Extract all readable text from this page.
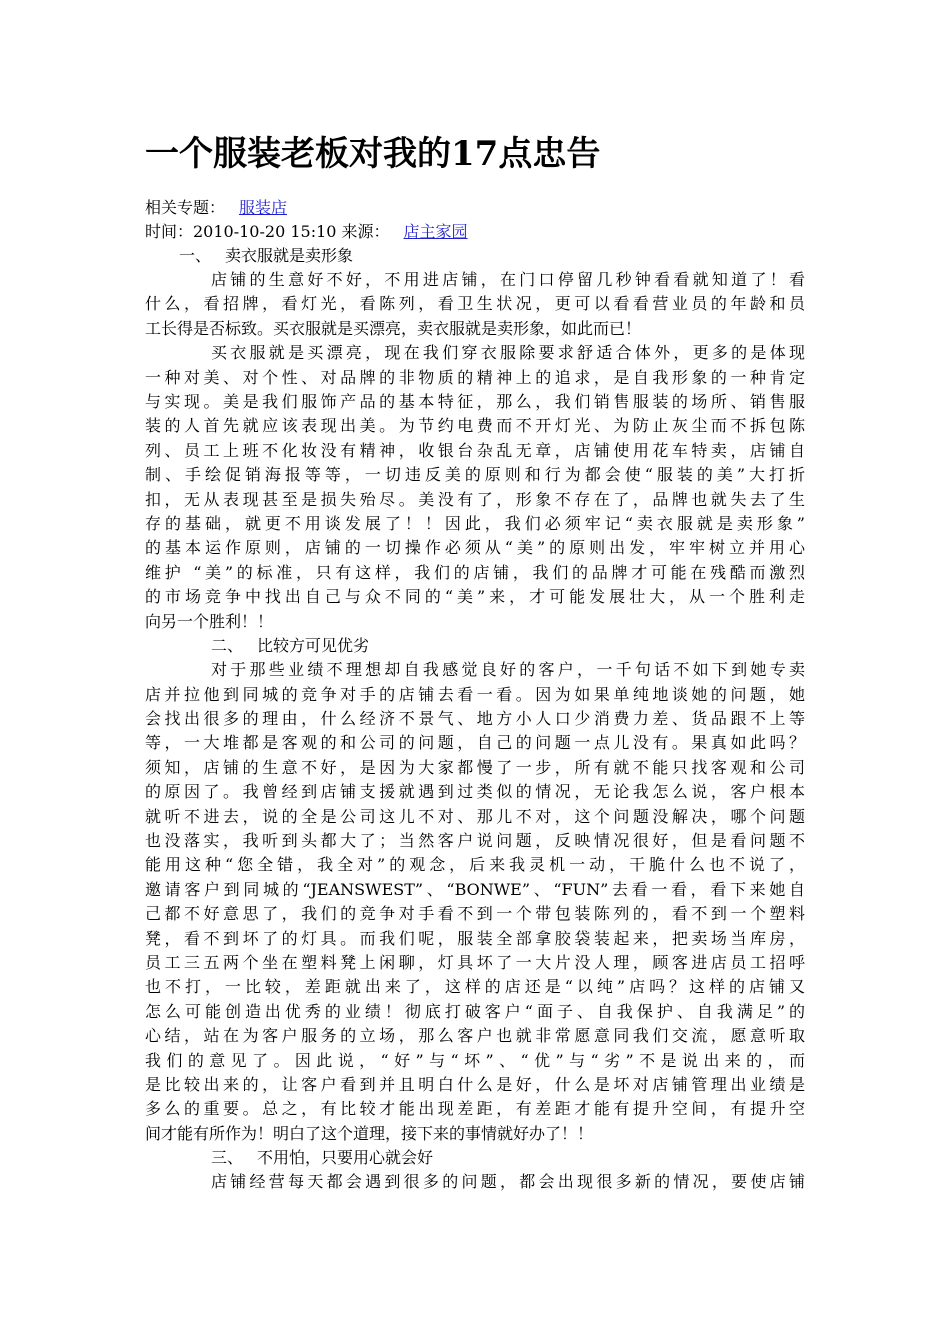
一个服装老板对我的17点忠告
相关专题： 服装店
时间：2010-10-20 15:10 来源： 店主家园
一、 卖衣服就是卖形象
店铺的生意好不好，不用进店铺，在门口停留几秒钟看看就知道了！看
什么，看招牌，看灯光，看陈列，看卫生状况，更可以看看营业员的年龄和员
工长得是否标致。买衣服就是买漂亮，卖衣服就是卖形象，如此而已！
买衣服就是买漂亮，现在我们穿衣服除要求舒适合体外，更多的是体现
一种对美、对个性、对品牌的非物质的精神上的追求，是自我形象的一种肯定
与实现。美是我们服饰产品的基本特征，那么，我们销售服装的场所、销售服
装的人首先就应该表现出美。为节约电费而不开灯光、为防止灰尘而不拆包陈
列、员工上班不化妆没有精神，收银台杂乱无章，店铺使用花车特卖，店铺自
制、手绘促销海报等等，一切违反美的原则和行为都会使“服装的美”大打折
扣，无从表现甚至是损失殆尽。美没有了，形象不存在了，品牌也就失去了生
存的基础，就更不用谈发展了！！因此，我们必须牢记“卖衣服就是卖形象”
的基本运作原则，店铺的一切操作必须从“美”的原则出发，牢牢树立并用心
维护 “美”的标准，只有这样，我们的店铺，我们的品牌才可能在残酷而激烈
的市场竞争中找出自己与众不同的“美”来，才可能发展壮大，从一个胜利走
向另一个胜利！！
二、 比较方可见优劣
对于那些业绩不理想却自我感觉良好的客户，一千句话不如下到她专卖
店并拉他到同城的竞争对手的店铺去看一看。因为如果单纯地谈她的问题，她
会找出很多的理由，什么经济不景气、地方小人口少消费力差、货品跟不上等
等，一大堆都是客观的和公司的问题，自己的问题一点儿没有。果真如此吗？
须知，店铺的生意不好，是因为大家都慢了一步，所有就不能只找客观和公司
的原因了。我曾经到店铺支援就遇到过类似的情况，无论我怎么说，客户根本
就听不进去，说的全是公司这儿不对、那儿不对，这个问题没解决，哪个问题
也没落实，我听到头都大了；当然客户说问题，反映情况很好，但是看问题不
能用这种“您全错，我全对”的观念，后来我灵机一动，干脆什么也不说了，
邀请客户到同城的“JEANSWEST”、“BONWE”、“FUN”去看一看，看下来她自
己都不好意思了，我们的竞争对手看不到一个带包装陈列的，看不到一个塑料
凳，看不到坏了的灯具。而我们呢，服装全部拿胶袋装起来，把卖场当库房，
员工三五两个坐在塑料凳上闲聊，灯具坏了一大片没人理，顾客进店员工招呼
也不打，一比较，差距就出来了，这样的店还是“以纯”店吗？这样的店铺又
怎么可能创造出优秀的业绩！彻底打破客户“面子、自我保护、自我满足”的
心结，站在为客户服务的立场，那么客户也就非常愿意同我们交流，愿意听取
我们的意见了。因此说，“好”与“坏”、“优”与“劣”不是说出来的，而
是比较出来的，让客户看到并且明白什么是好，什么是坏对店铺管理出业绩是
多么的重要。总之，有比较才能出现差距，有差距才能有提升空间，有提升空
间才能有所作为！明白了这个道理，接下来的事情就好办了！！
三、 不用怕，只要用心就会好
店铺经营每天都会遇到很多的问题，都会出现很多新的情况，要使店铺
